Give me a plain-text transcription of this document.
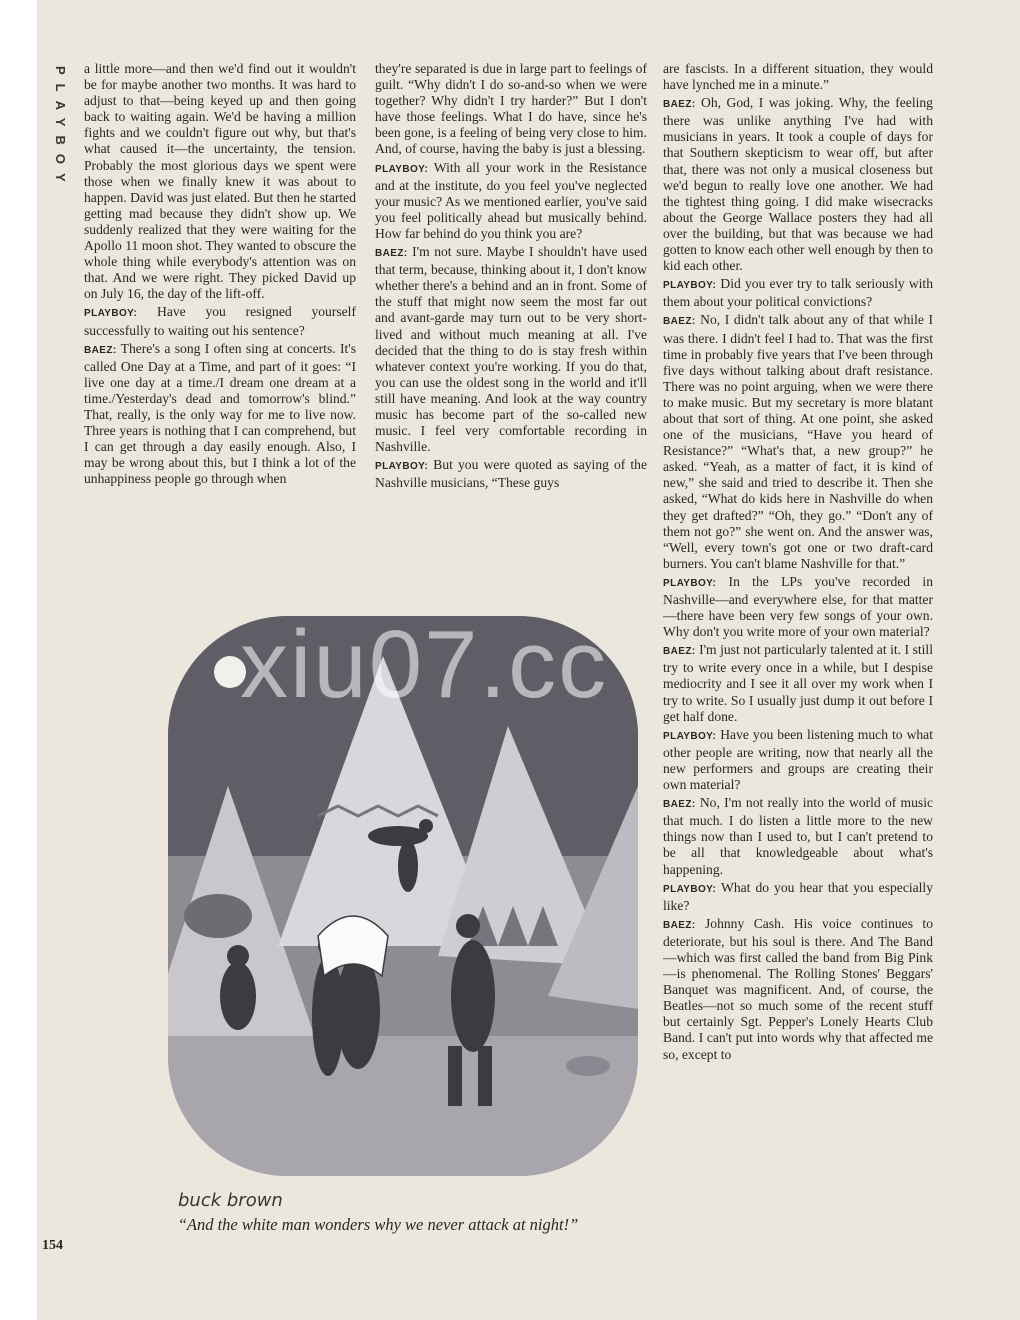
PLAYBOY a little more—and then we'd find out it wouldn't be for maybe another two months. It was hard to adjust to that—being keyed up and then going back to waiting again. We'd be having a million fights and we couldn't figure out why, but that's what caused it—the uncertainty, the tension. Probably the most glorious days we spent were those when we finally knew it was about to happen. David was just elated. But then he started getting mad because they didn't show up. We suddenly realized that they were waiting for the Apollo 11 moon shot. They wanted to obscure the whole thing while everybody's attention was on that. And we were right. They picked David up on July 16, the day of the lift-off.

PLAYBOY: Have you resigned yourself successfully to waiting out his sentence?

BAEZ: There's a song I often sing at concerts. It's called One Day at a Time, and part of it goes: “I live one day at a time./I dream one dream at a time./Yesterday's dead and tomorrow's blind.” That, really, is the only way for me to live now. Three years is nothing that I can comprehend, but I can get through a day easily enough. Also, I may be wrong about this, but I think a lot of the unhappiness people go through when

they're separated is due in large part to feelings of guilt. “Why didn't I do so-and-so when we were together? Why didn't I try harder?” But I don't have those feelings. What I do have, since he's been gone, is a feeling of being very close to him. And, of course, having the baby is just a blessing.

PLAYBOY: With all your work in the Resistance and at the institute, do you feel you've neglected your music? As we mentioned earlier, you've said you feel politically ahead but musically behind. How far behind do you think you are?

BAEZ: I'm not sure. Maybe I shouldn't have used that term, because, thinking about it, I don't know whether there's a behind and an in front. Some of the stuff that might now seem the most far out and avant-garde may turn out to be very short-lived and without much meaning at all. I've decided that the thing to do is stay fresh within whatever context you're working. If you do that, you can use the oldest song in the world and it'll still have meaning. And look at the way country music has become part of the so-called new music. I feel very comfortable recording in Nashville.

PLAYBOY: But you were quoted as saying of the Nashville musicians, “These guys

are fascists. In a different situation, they would have lynched me in a minute.”

BAEZ: Oh, God, I was joking. Why, the feeling there was unlike anything I've had with musicians in years. It took a couple of days for that Southern skepticism to wear off, but after that, there was not only a musical closeness but we'd begun to really love one another. We had the tightest thing going. I did make wisecracks about the George Wallace posters they had all over the building, but that was because we had gotten to know each other well enough by then to kid each other.

PLAYBOY: Did you ever try to talk seriously with them about your political convictions?

BAEZ: No, I didn't talk about any of that while I was there. I didn't feel I had to. That was the first time in probably five years that I've been through five days without talking about draft resistance. There was no point arguing, when we were there to make music. But my secretary is more blatant about that sort of thing. At one point, she asked one of the musicians, “Have you heard of Resistance?” “What's that, a new group?” he asked. “Yeah, as a matter of fact, it is kind of new,” she said and tried to describe it. Then she asked, “What do kids here in Nashville do when they get drafted?” “Oh, they go.” “Don't any of them not go?” she went on. And the answer was, “Well, every town's got one or two draft-card burners. You can't blame Nashville for that.”

PLAYBOY: In the LPs you've recorded in Nashville—and everywhere else, for that matter—there have been very few songs of your own. Why don't you write more of your own material?

BAEZ: I'm just not particularly talented at it. I still try to write every once in a while, but I despise mediocrity and I see it all over my work when I try to write. So I usually just dump it out before I get half done.

PLAYBOY: Have you been listening much to what other people are writing, now that nearly all the new performers and groups are creating their own material?

BAEZ: No, I'm not really into the world of music that much. I do listen a little more to the new things now than I used to, but I can't pretend to be all that knowledgeable about what's happening.

PLAYBOY: What do you hear that you especially like?

BAEZ: Johnny Cash. His voice continues to deteriorate, but his soul is there. And The Band—which was first called the band from Big Pink—is phenomenal. The Rolling Stones' Beggars' Banquet was magnificent. And, of course, the Beatles—not so much some of the recent stuff but certainly Sgt. Pepper's Lonely Hearts Club Band. I can't put into words why that affected me so, except to

buck brown
xiu07.cc
“And the white man wonders why we never attack at night!”
154
